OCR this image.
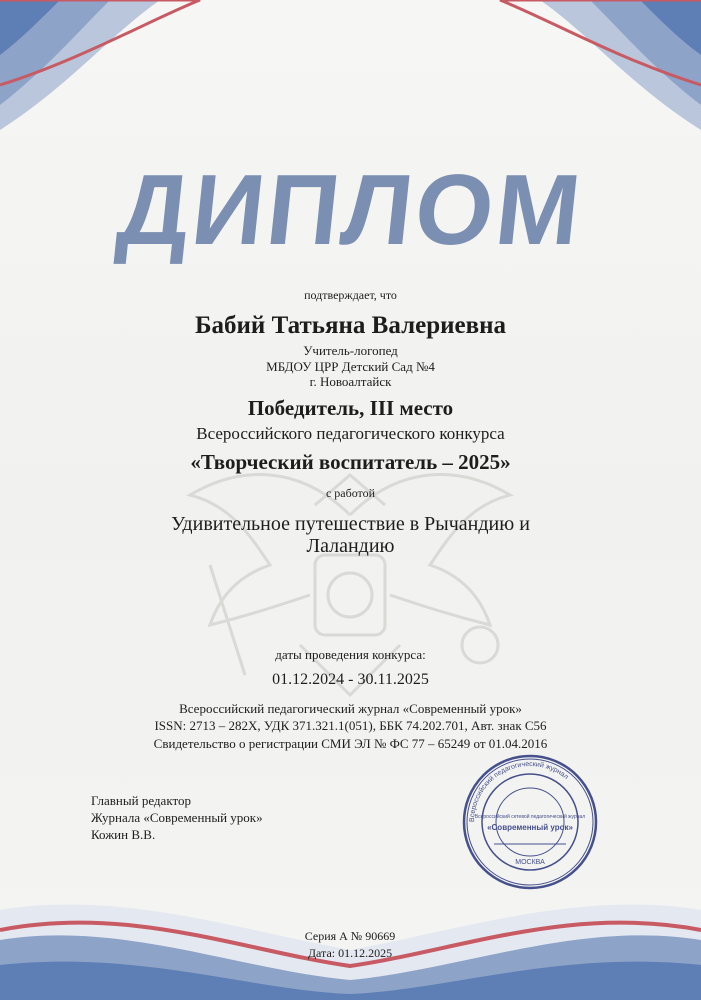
ДИПЛОМ
подтверждает, что
Бабий Татьяна Валериевна
Учитель-логопед
МБДОУ ЦРР Детский Сад №4
г. Новоалтайск
Победитель, III место
Всероссийского педагогического конкурса
«Творческий воспитатель – 2025»
с работой
Удивительное путешествие в Рычандию и
Лаландию
даты проведения конкурса:
01.12.2024 - 30.11.2025
Всероссийский педагогический журнал «Современный урок»
ISSN: 2713 – 282Х, УДК 371.321.1(051), ББК 74.202.701, Авт. знак С56
Свидетельство о регистрации СМИ ЭЛ № ФС 77 – 65249 от 01.04.2016
Главный редактор
Журнала «Современный урок»
Кожин В.В.
Всероссийский педагогический журнал
Всероссийский сетевой педагогический журнал
«Современный урок»
МОСКВА
Серия А № 90669
Дата: 01.12.2025
